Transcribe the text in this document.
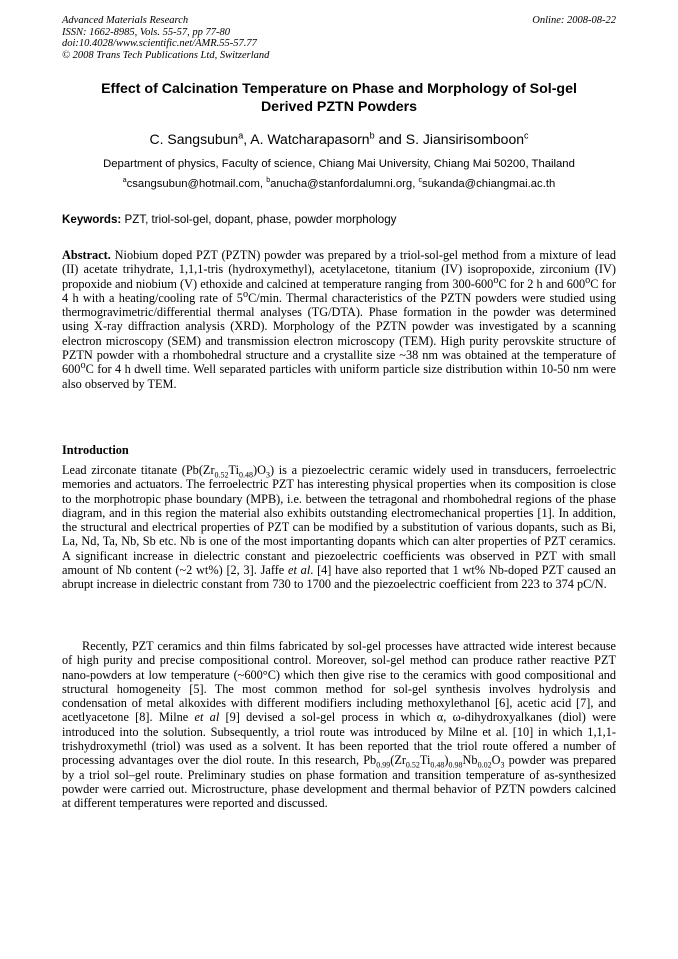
Advanced Materials Research
ISSN: 1662-8985, Vols. 55-57, pp 77-80
doi:10.4028/www.scientific.net/AMR.55-57.77
© 2008 Trans Tech Publications Ltd, Switzerland
Online: 2008-08-22
Effect of Calcination Temperature on Phase and Morphology of Sol-gel
Derived PZTN Powders
C. Sangsubun$^a$, A. Watcharapasorn$^b$ and S. Jiansirisomboon$^c$
Department of physics, Faculty of science, Chiang Mai University, Chiang Mai 50200, Thailand
$^a$csangsubun@hotmail.com, $^b$anucha@stanfordalumni.org, $^c$sukanda@chiangmai.ac.th
Keywords: PZT, triol-sol-gel, dopant, phase, powder morphology
Abstract. Niobium doped PZT (PZTN) powder was prepared by a triol-sol-gel method from a mixture of lead (II) acetate trihydrate, 1,1,1-tris (hydroxymethyl), acetylacetone, titanium (IV) isopropoxide, zirconium (IV) propoxide and niobium (V) ethoxide and calcined at temperature ranging from 300-600$^o$C for 2 h and 600$^o$C for 4 h with a heating/cooling rate of 5$^o$C/min. Thermal characteristics of the PZTN powders were studied using thermogravimetric/differential thermal analyses (TG/DTA). Phase formation in the powder was determined using X-ray diffraction analysis (XRD). Morphology of the PZTN powder was investigated by a scanning electron microscopy (SEM) and transmission electron microscopy (TEM). High purity perovskite structure of PZTN powder with a rhombohedral structure and a crystallite size ~38 nm was obtained at the temperature of 600$^o$C for 4 h dwell time. Well separated particles with uniform particle size distribution within 10-50 nm were also observed by TEM.
Introduction
Lead zirconate titanate $(Pb(Zr_{0.52}Ti_{0.48})O_3)$ is a piezoelectric ceramic widely used in transducers, ferroelectric memories and actuators. The ferroelectric PZT has interesting physical properties when its composition is close to the morphotropic phase boundary (MPB), i.e. between the tetragonal and rhombohedral regions of the phase diagram, and in this region the material also exhibits outstanding electromechanical properties [1]. In addition, the structural and electrical properties of PZT can be modified by a substitution of various dopants, such as Bi, La, Nd, Ta, Nb, Sb etc. Nb is one of the most importanting dopants which can alter properties of PZT ceramics. A significant increase in dielectric constant and piezoelectric coefficients was observed in PZT with small amount of Nb content (~2 wt%) [2, 3]. Jaffe et al. [4] have also reported that 1 wt% Nb-doped PZT caused an abrupt increase in dielectric constant from 730 to 1700 and the piezoelectric coefficient from 223 to 374 pC/N.
Recently, PZT ceramics and thin films fabricated by sol-gel processes have attracted wide interest because of high purity and precise compositional control. Moreover, sol-gel method can produce rather reactive PZT nano-powders at low temperature (~600°C) which then give rise to the ceramics with good compositional and structural homogeneity [5]. The most common method for sol-gel synthesis involves hydrolysis and condensation of metal alkoxides with different modifiers including methoxylethanol [6], acetic acid [7], and acetlyacetone [8]. Milne et al [9] devised a sol-gel process in which α, ω-dihydroxyalkanes (diol) were introduced into the solution. Subsequently, a triol route was introduced by Milne et al. [10] in which 1,1,1-trishydroxymethl (triol) was used as a solvent. It has been reported that the triol route offered a number of processing advantages over the diol route. In this research, $Pb_{0.99}(Zr_{0.52}Ti_{0.48})_{0.98}Nb_{0.02}O_3$ powder was prepared by a triol sol–gel route. Preliminary studies on phase formation and transition temperature of as-synthesized powder were carried out. Microstructure, phase development and thermal behavior of PZTN powders calcined at different temperatures were reported and discussed.
